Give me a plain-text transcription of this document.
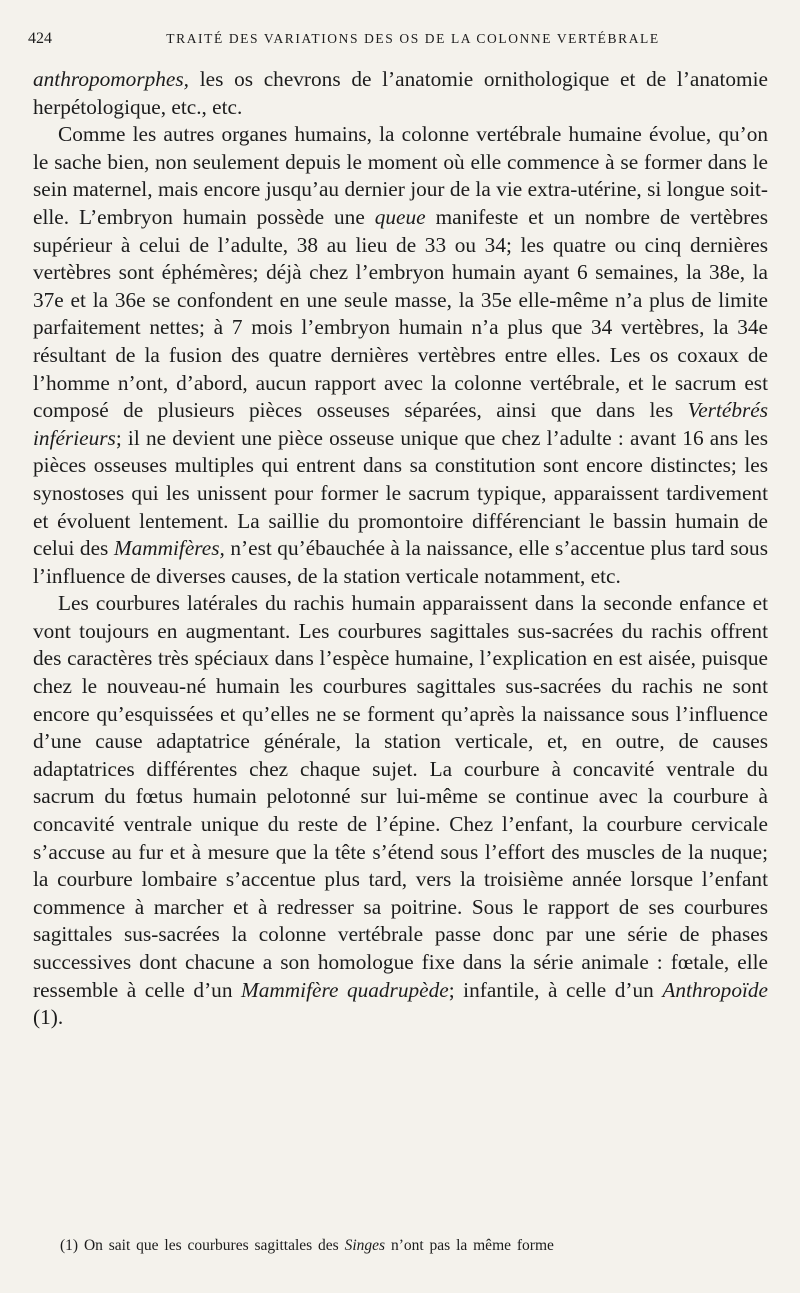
424	TRAITÉ DES VARIATIONS DES OS DE LA COLONNE VERTÉBRALE

anthropomorphes, les os chevrons de l’anatomie ornithologique et de l’anatomie herpétologique, etc., etc.

Comme les autres organes humains, la colonne vertébrale humaine évolue, qu’on le sache bien, non seulement depuis le moment où elle commence à se former dans le sein maternel, mais encore jusqu’au dernier jour de la vie extra-utérine, si longue soit-elle. L’embryon humain possède une queue manifeste et un nombre de vertèbres supérieur à celui de l’adulte, 38 au lieu de 33 ou 34; les quatre ou cinq dernières vertèbres sont éphémères; déjà chez l’embryon humain ayant 6 semaines, la 38e, la 37e et la 36e se confondent en une seule masse, la 35e elle-même n’a plus de limite parfaitement nettes; à 7 mois l’embryon humain n’a plus que 34 vertèbres, la 34e résultant de la fusion des quatre dernières vertèbres entre elles. Les os coxaux de l’homme n’ont, d’abord, aucun rapport avec la colonne vertébrale, et le sacrum est composé de plusieurs pièces osseuses séparées, ainsi que dans les Vertébrés inférieurs; il ne devient une pièce osseuse unique que chez l’adulte : avant 16 ans les pièces osseuses multiples qui entrent dans sa constitution sont encore distinctes; les synostoses qui les unissent pour former le sacrum typique, apparaissent tardivement et évoluent lentement. La saillie du promontoire différenciant le bassin humain de celui des Mammifères, n’est qu’ébauchée à la naissance, elle s’accentue plus tard sous l’influence de diverses causes, de la station verticale notamment, etc.

Les courbures latérales du rachis humain apparaissent dans la seconde enfance et vont toujours en augmentant. Les courbures sagittales sus-sacrées du rachis offrent des caractères très spéciaux dans l’espèce humaine, l’explication en est aisée, puisque chez le nouveau-né humain les courbures sagittales sus-sacrées du rachis ne sont encore qu’esquissées et qu’elles ne se forment qu’après la naissance sous l’influence d’une cause adaptatrice générale, la station verticale, et, en outre, de causes adaptatrices différentes chez chaque sujet. La courbure à concavité ventrale du sacrum du fœtus humain pelotonné sur lui-même se continue avec la courbure à concavité ventrale unique du reste de l’épine. Chez l’enfant, la courbure cervicale s’accuse au fur et à mesure que la tête s’étend sous l’effort des muscles de la nuque; la courbure lombaire s’accentue plus tard, vers la troisième année lorsque l’enfant commence à marcher et à redresser sa poitrine. Sous le rapport de ses courbures sagittales sus-sacrées la colonne vertébrale passe donc par une série de phases successives dont chacune a son homologue fixe dans la série animale : fœtale, elle ressemble à celle d’un Mammifère quadrupède; infantile, à celle d’un Anthropoïde (1).

(1) On sait que les courbures sagittales des Singes n’ont pas la même forme
